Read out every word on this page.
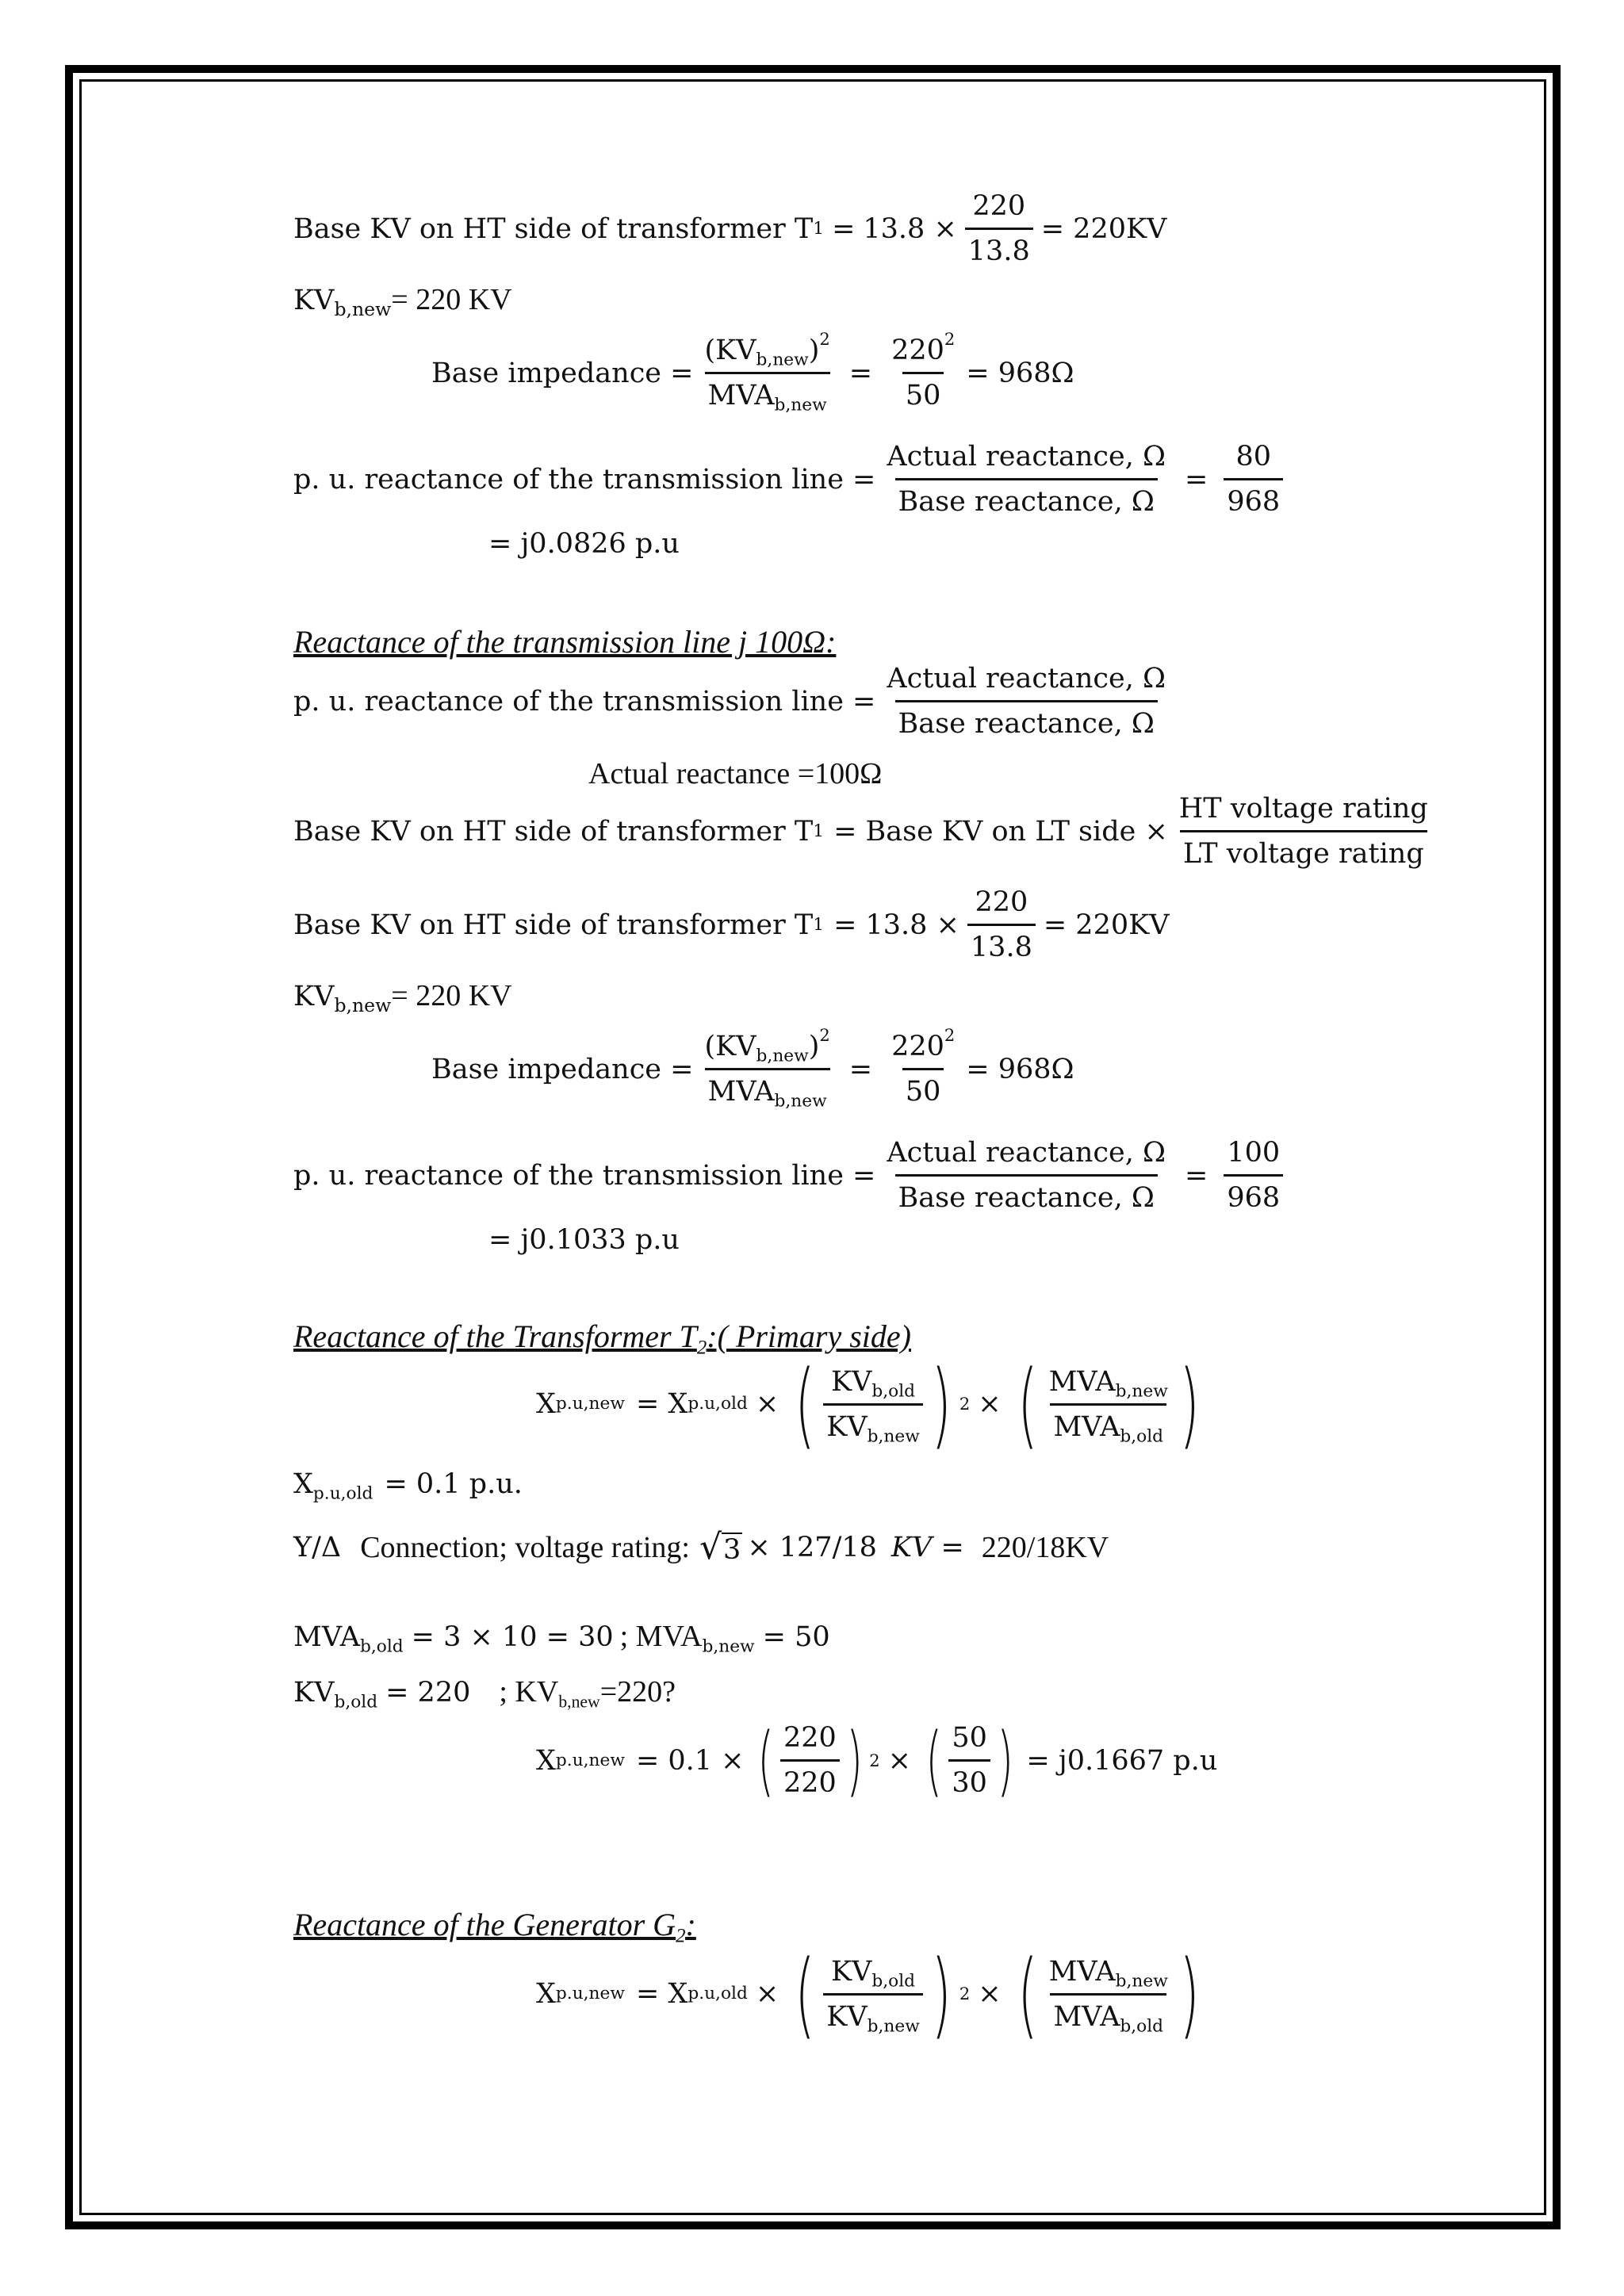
Base KV on HT side of transformer T $1 = 13.8 \times \frac{220}{13.8} = 220KV$
$KV_{b,new}= 220$ KV
Base impedance = $\frac{(KV_{b,new})^2}{MVA_{b,new}} = \frac{220^2}{50} = 968\Omega$
p. u. reactance of the transmission line = $\frac{\text{Actual reactance, Ω}}{\text{Base reactance, Ω}} = \frac{80}{968}$
= j0.0826 p.u
Reactance of the transmission line j 100Ω:
p. u. reactance of the transmission line = $\frac{\text{Actual reactance, Ω}}{\text{Base reactance, Ω}}$
Actual reactance =100Ω
Base KV on HT side of transformer T 1 = Base KV on LT side × $\frac{\text{HT voltage rating}}{\text{LT voltage rating}}$
Base KV on HT side of transformer T $1 = 13.8 \times \frac{220}{13.8} = 220KV$
$KV_{b,new}= 220$ KV
Base impedance = $\frac{(KV_{b,new})^2}{MVA_{b,new}} = \frac{220^2}{50} = 968\Omega$
p. u. reactance of the transmission line = $\frac{\text{Actual reactance, Ω}}{\text{Base reactance, Ω}} = \frac{100}{968}$
= j0.1033 p.u
Reactance of the Transformer $T_2$:( Primary side)
X p.u,new = X p.u,old × ( $\frac{KV_{b,old}}{KV_{b,new}}$ ) 2 × ( $\frac{MVA_{b,new}}{MVA_{b,old}}$ )
$X_{p.u,old} = 0.1$ p.u.
Y/Δ Connection; voltage rating: √3 × 127/18 KV = 220/18KV
$MVA_{b,old} = 3 \times 10 = 30$ ; $MVA_{b,new} = 50$
$KV_{b,old} = 220$ ; $KV_{b,new}=220$?
X p.u,new = 0.1 × ( $\frac{220}{220}$ ) 2 × ( $\frac{50}{30}$ ) = j0.1667 p.u
Reactance of the Generator $G_2$:
X p.u,new = X p.u,old × ( $\frac{KV_{b,old}}{KV_{b,new}}$ ) 2 × ( $\frac{MVA_{b,new}}{MVA_{b,old}}$ )
